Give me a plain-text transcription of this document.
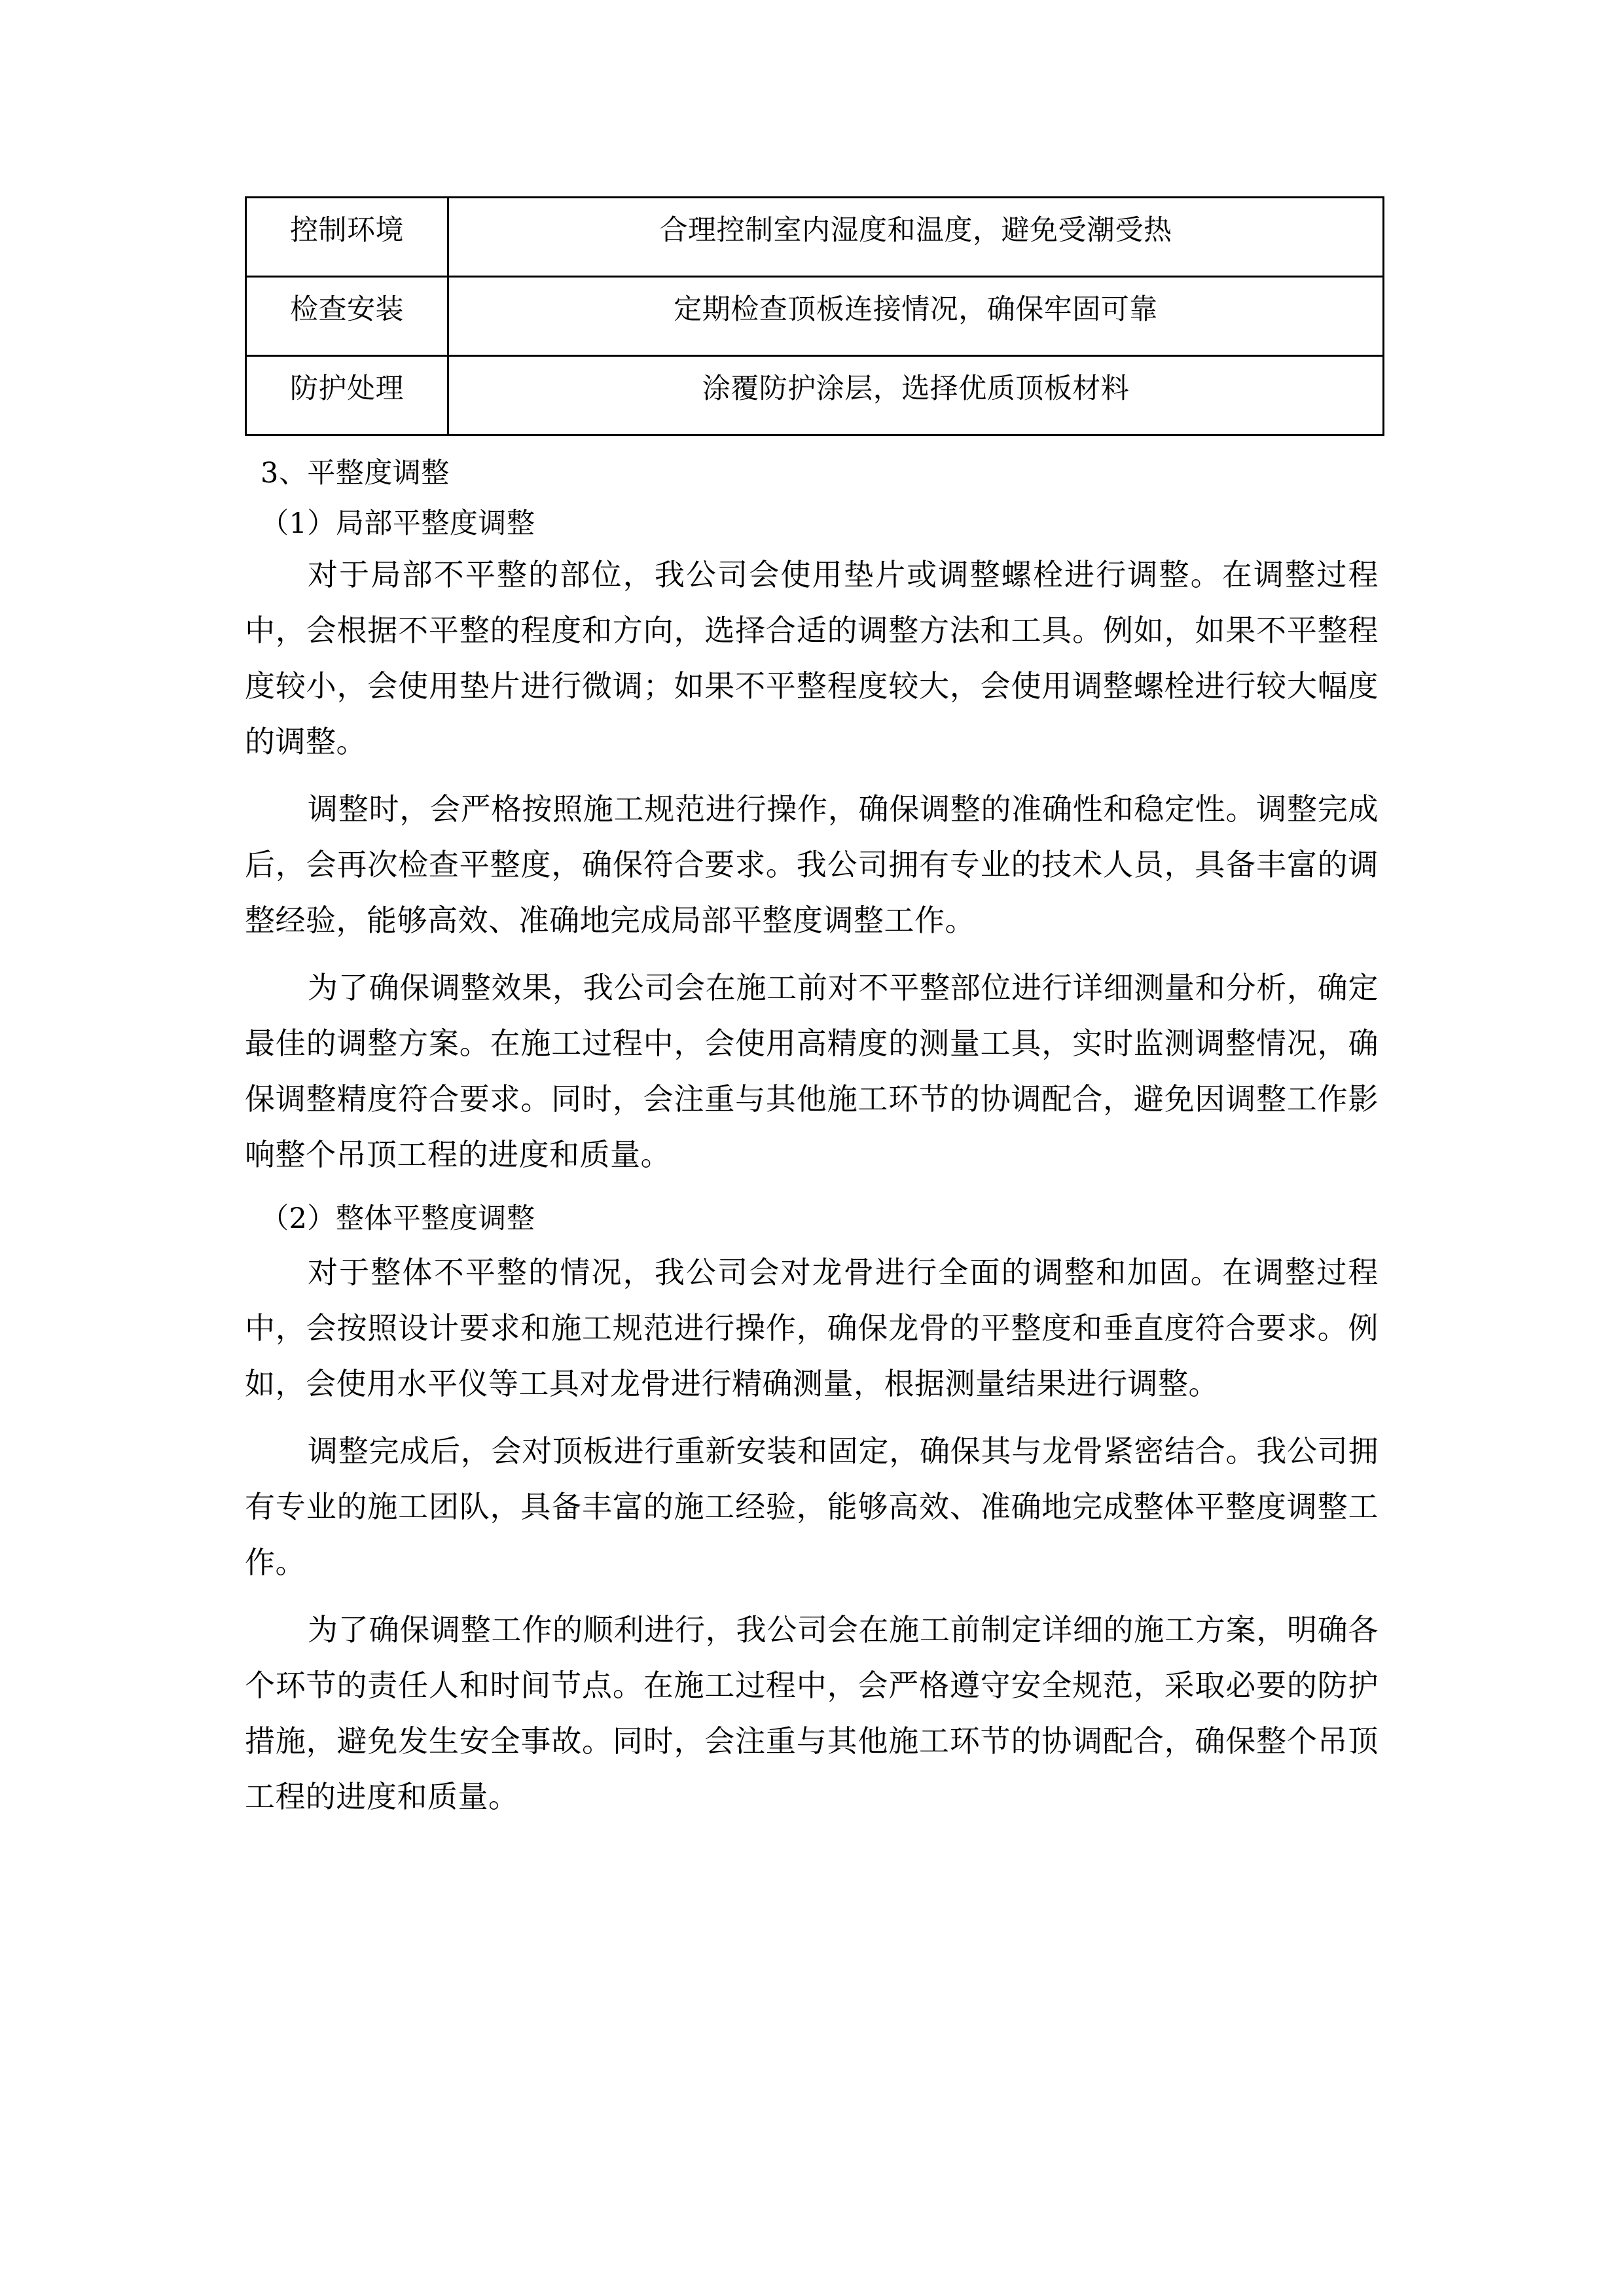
控制环境	合理控制室内湿度和温度，避免受潮受热

检查安装	定期检查顶板连接情况，确保牢固可靠

防护处理	涂覆防护涂层，选择优质顶板材料
3、平整度调整
（1）局部平整度调整

对于局部不平整的部位，我公司会使用垫片或调整螺栓进行调整。在调整过程中，会根据不平整的程度和方向，选择合适的调整方法和工具。例如，如果不平整程度较小，会使用垫片进行微调；如果不平整程度较大，会使用调整螺栓进行较大幅度的调整。

调整时，会严格按照施工规范进行操作，确保调整的准确性和稳定性。调整完成后，会再次检查平整度，确保符合要求。我公司拥有专业的技术人员，具备丰富的调整经验，能够高效、准确地完成局部平整度调整工作。

为了确保调整效果，我公司会在施工前对不平整部位进行详细测量和分析，确定最佳的调整方案。在施工过程中，会使用高精度的测量工具，实时监测调整情况，确保调整精度符合要求。同时，会注重与其他施工环节的协调配合，避免因调整工作影响整个吊顶工程的进度和质量。

（2）整体平整度调整

对于整体不平整的情况，我公司会对龙骨进行全面的调整和加固。在调整过程中，会按照设计要求和施工规范进行操作，确保龙骨的平整度和垂直度符合要求。例如，会使用水平仪等工具对龙骨进行精确测量，根据测量结果进行调整。

调整完成后，会对顶板进行重新安装和固定，确保其与龙骨紧密结合。我公司拥有专业的施工团队，具备丰富的施工经验，能够高效、准确地完成整体平整度调整工作。

为了确保调整工作的顺利进行，我公司会在施工前制定详细的施工方案，明确各个环节的责任人和时间节点。在施工过程中，会严格遵守安全规范，采取必要的防护措施，避免发生安全事故。同时，会注重与其他施工环节的协调配合，确保整个吊顶工程的进度和质量。
